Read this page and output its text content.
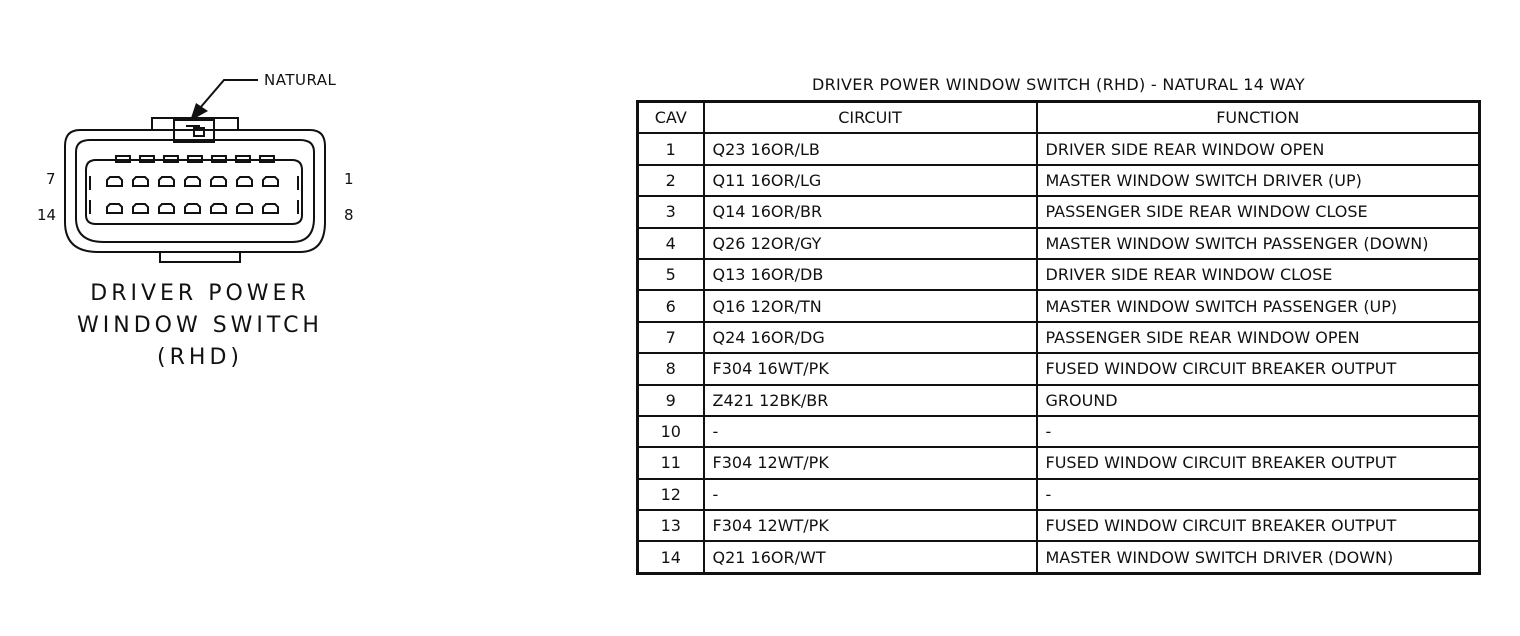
NATURAL
7	1
14	8
DRIVER POWER
WINDOW SWITCH
(RHD)
DRIVER POWER WINDOW SWITCH (RHD) - NATURAL 14 WAY
CAV	CIRCUIT	FUNCTION
1	Q23 16OR/LB	DRIVER SIDE REAR WINDOW OPEN
2	Q11 16OR/LG	MASTER WINDOW SWITCH DRIVER (UP)
3	Q14 16OR/BR	PASSENGER SIDE REAR WINDOW CLOSE
4	Q26 12OR/GY	MASTER WINDOW SWITCH PASSENGER (DOWN)
5	Q13 16OR/DB	DRIVER SIDE REAR WINDOW CLOSE
6	Q16 12OR/TN	MASTER WINDOW SWITCH PASSENGER (UP)
7	Q24 16OR/DG	PASSENGER SIDE REAR WINDOW OPEN
8	F304 16WT/PK	FUSED WINDOW CIRCUIT BREAKER OUTPUT
9	Z421 12BK/BR	GROUND
10	-	-
11	F304 12WT/PK	FUSED WINDOW CIRCUIT BREAKER OUTPUT
12	-	-
13	F304 12WT/PK	FUSED WINDOW CIRCUIT BREAKER OUTPUT
14	Q21 16OR/WT	MASTER WINDOW SWITCH DRIVER (DOWN)
